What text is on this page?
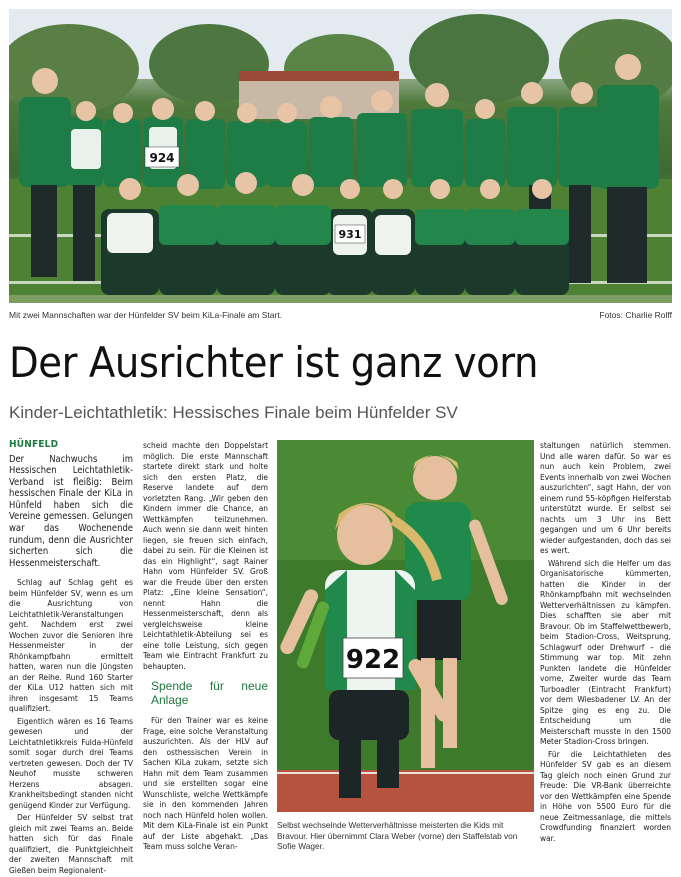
924
931
Mit zwei Mannschaften war der Hünfelder SV beim KiLa-Finale am Start.	Fotos: Charlie Rolff
Der Ausrichter ist ganz vorn
Kinder-Leichtathletik: Hessisches Finale beim Hünfelder SV
HÜNFELD

Der Nachwuchs im Hessischen Leichtathletik-Verband ist fleißig: Beim hessischen Finale der KiLa in Hünfeld haben sich die Vereine gemessen. Gelungen war das Wochenende rundum, denn die Ausrichter sicherten sich die Hessenmeisterschaft.

Schlag auf Schlag geht es beim Hünfelder SV, wenn es um die Ausrichtung von Leichtathletik-Veranstaltungen geht. Nachdem erst zwei Wochen zuvor die Senioren ihre Hessenmeister in der Rhönkampfbahn ermittelt hatten, waren nun die Jüngsten an der Reihe. Rund 160 Starter der KiLa U12 hatten sich mit ihren insgesamt 15 Teams qualifiziert.

Eigentlich wären es 16 Teams gewesen und der Leichtathletikkreis Fulda-Hünfeld somit sogar durch drei Teams vertreten gewesen. Doch der TV Neuhof musste schweren Herzens absagen. Krankheitsbedingt standen nicht genügend Kinder zur Verfügung.

Der Hünfelder SV selbst trat gleich mit zwei Teams an. Beide hatten sich für das Finale qualifiziert, die Punktgleichheit der zweiten Mannschaft mit Gießen beim Regionalent-

scheid machte den Doppelstart möglich. Die erste Mannschaft startete direkt stark und holte sich den ersten Platz, die Reserve landete auf dem vorletzten Rang. „Wir geben den Kindern immer die Chance, an Wettkämpfen teilzunehmen. Auch wenn sie dann weit hinten liegen, sie freuen sich einfach, dabei zu sein. Für die Kleinen ist das ein Highlight“, sagt Rainer Hahn vom Hünfelder SV. Groß war die Freude über den ersten Platz: „Eine kleine Sensation“, nennt Hahn die Hessenmeisterschaft, denn als vergleichsweise kleine Leichtathletik-Abteilung sei es eine tolle Leistung, sich gegen Team wie Eintracht Frankfurt zu behaupten.

Spende für neue Anlage

Für den Trainer war es keine Frage, eine solche Veranstaltung auszurichten. Als der HLV auf den osthessischen Verein in Sachen KiLa zukam, setzte sich Hahn mit dem Team zusammen und sie erstellten sogar eine Wunschliste, welche Wettkämpfe sie in den kommenden Jahren noch nach Hünfeld holen wollen. Mit dem KiLa-Finale ist ein Punkt auf der Liste abgehakt. „Das Team muss solche Veran-

922
Selbst wechselnde Wetterverhältnisse meisterten die Kids mit Bravour. Hier übernimmt Clara Weber (vorne) den Staffelstab von Sofie Wager.

staltungen natürlich stemmen. Und alle waren dafür. So war es nun auch kein Problem, zwei Events innerhalb von zwei Wochen auszurichten“, sagt Hahn, der von einem rund 55-köpfigen Helferstab unterstützt wurde. Er selbst sei nachts um 3 Uhr ins Bett gegangen und um 6 Uhr bereits wieder aufgestanden, doch das sei es wert.

Während sich die Helfer um das Organisatorische kümmerten, hatten die Kinder in der Rhönkampfbahn mit wechselnden Wetterverhältnissen zu kämpfen. Dies schafften sie aber mit Bravour. Ob im Staffelwettbewerb, beim Stadion-Cross, Weitsprung, Schlagwurf oder Drehwurf – die Stimmung war top. Mit zehn Punkten landete die Hünfelder vorne, Zweiter wurde das Team Turboadler (Eintracht Frankfurt) vor dem Wiesbadener LV. An der Spitze ging es eng zu. Die Entscheidung um die Meisterschaft musste in den 1500 Meter Stadion-Cross bringen.

Für die Leichtathleten des Hünfelder SV gab es an diesem Tag gleich noch einen Grund zur Freude: Die VR-Bank überreichte vor den Wettkämpfen eine Spende in Höhe von 5500 Euro für die neue Zeitmessanlage, die mittels Crowdfunding finanziert worden war.
